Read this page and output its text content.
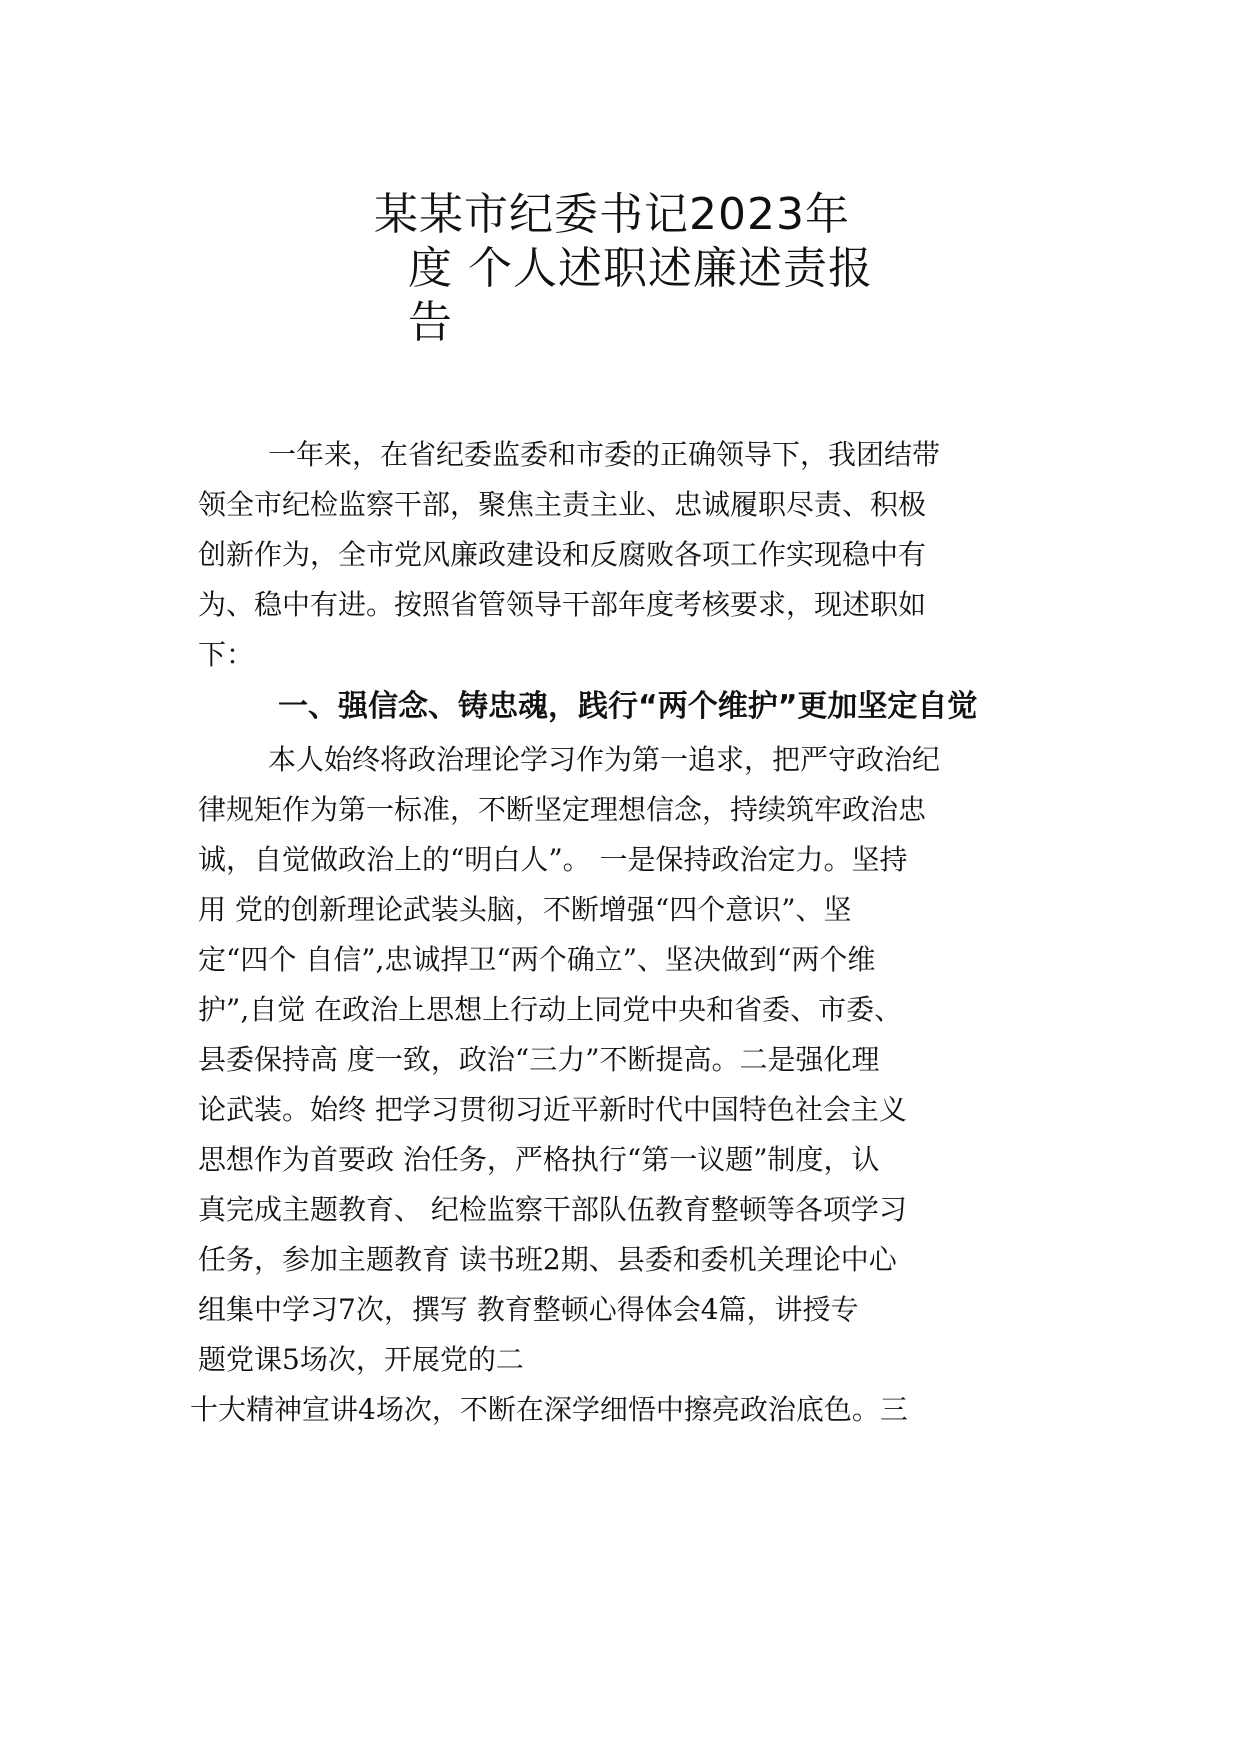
某某市纪委书记2023年
度 个人述职述廉述责报
告
一年来，在省纪委监委和市委的正确领导下，我团结带
领全市纪检监察干部，聚焦主责主业、忠诚履职尽责、积极
创新作为，全市党风廉政建设和反腐败各项工作实现稳中有
为、稳中有进。按照省管领导干部年度考核要求，现述职如
下：
一、强信念、铸忠魂，践行“两个维护”更加坚定自觉
本人始终将政治理论学习作为第一追求，把严守政治纪
律规矩作为第一标准，不断坚定理想信念，持续筑牢政治忠
诚，自觉做政治上的“明白人”。 一是保持政治定力。坚持
用 党的创新理论武装头脑，不断增强“四个意识”、坚
定“四个 自信”,忠诚捍卫“两个确立”、坚决做到“两个维
护”,自觉 在政治上思想上行动上同党中央和省委、市委、
县委保持高 度一致，政治“三力”不断提高。二是强化理
论武装。始终 把学习贯彻习近平新时代中国特色社会主义
思想作为首要政 治任务，严格执行“第一议题”制度，认
真完成主题教育、 纪检监察干部队伍教育整顿等各项学习
任务，参加主题教育 读书班2期、县委和委机关理论中心
组集中学习7次，撰写 教育整顿心得体会4篇，讲授专
题党课5场次，开展党的二
十大精神宣讲4场次，不断在深学细悟中擦亮政治底色。三
